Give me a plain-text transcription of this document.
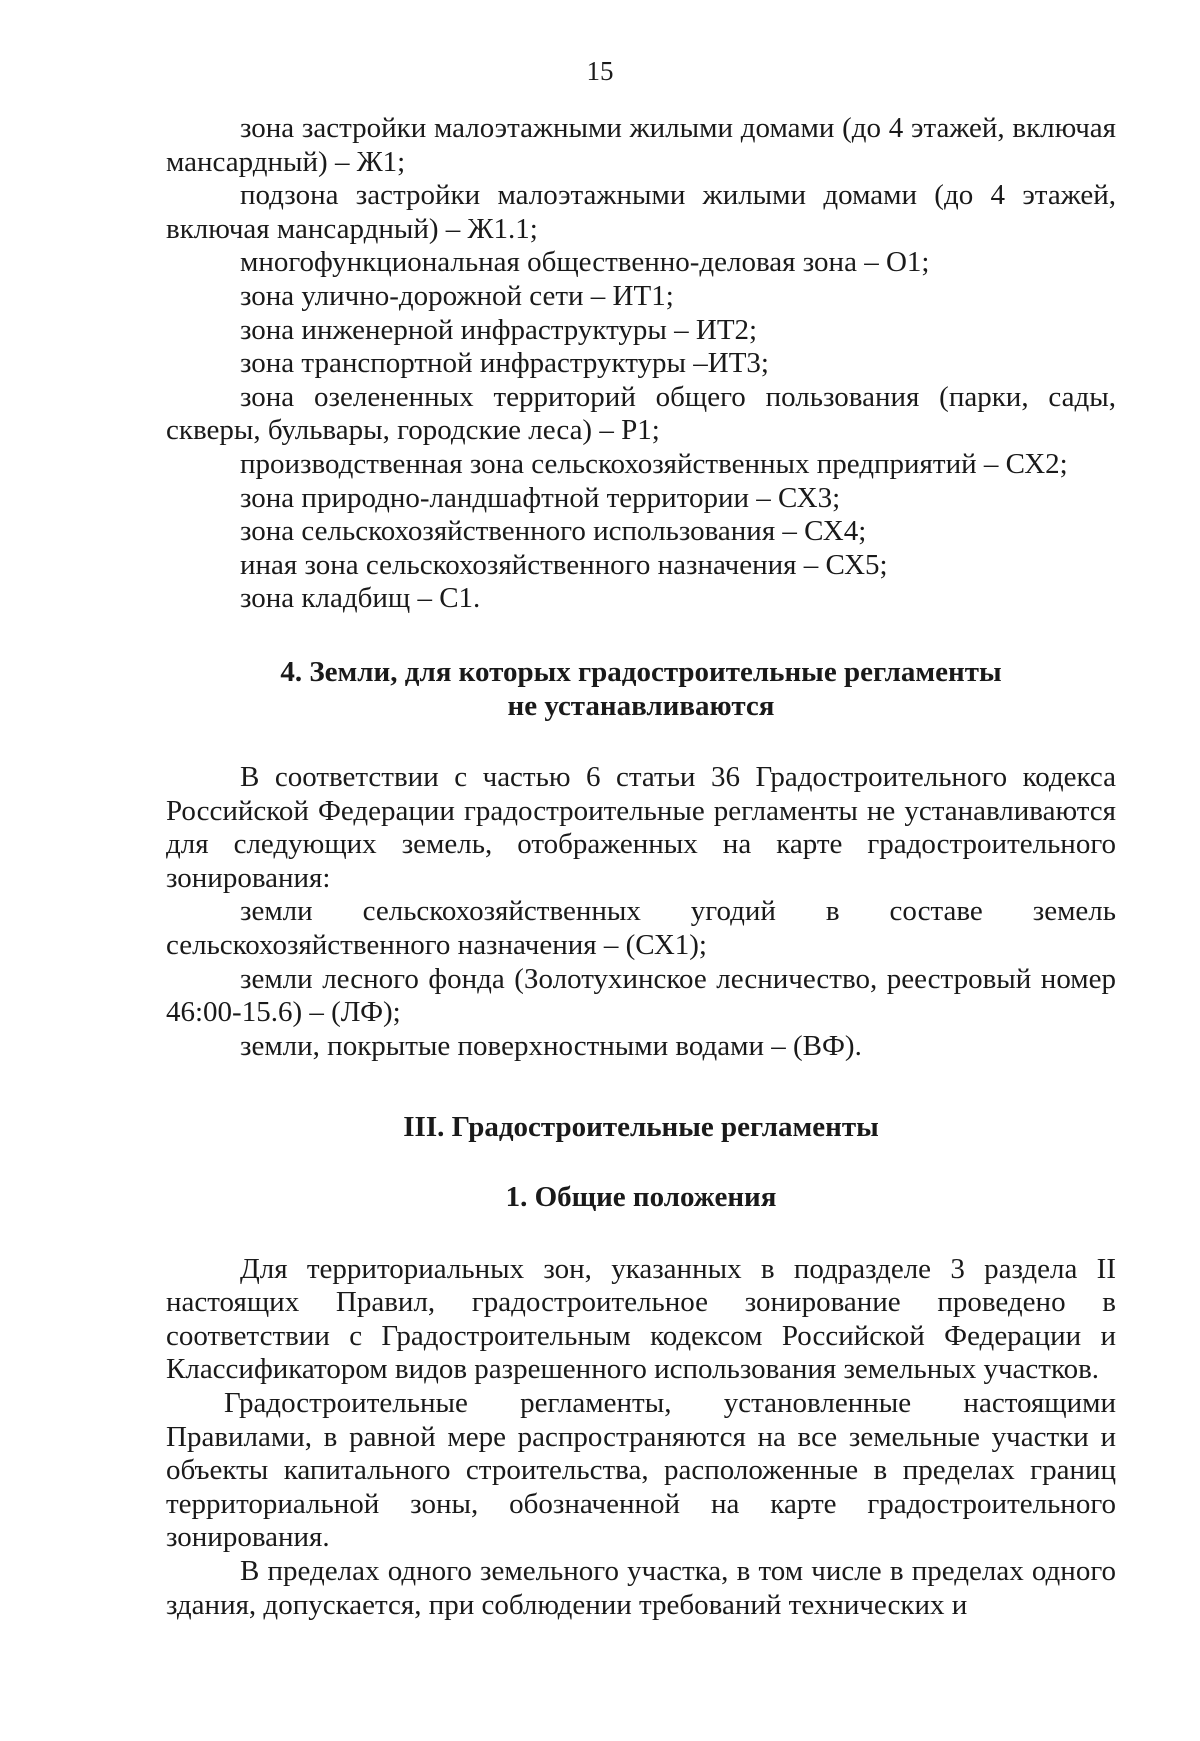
15

зона застройки малоэтажными жилыми домами (до 4 этажей, включая мансардный) – Ж1;

подзона застройки малоэтажными жилыми домами (до 4 этажей, включая мансардный) – Ж1.1;

многофункциональная общественно-деловая зона – О1;

зона улично-дорожной сети – ИТ1;

зона инженерной инфраструктуры – ИТ2;

зона транспортной инфраструктуры –ИТ3;

зона озелененных территорий общего пользования (парки, сады, скверы, бульвары, городские леса) – Р1;

производственная зона сельскохозяйственных предприятий – СХ2;

зона природно-ландшафтной территории – СХ3;

зона сельскохозяйственного использования – СХ4;

иная зона сельскохозяйственного назначения – СХ5;

зона кладбищ – С1.

4. Земли, для которых градостроительные регламенты
не устанавливаются

В соответствии с частью 6 статьи 36 Градостроительного кодекса Российской Федерации градостроительные регламенты не устанавливаются для следующих земель, отображенных на карте градостроительного зонирования:

земли сельскохозяйственных угодий в составе земель сельскохозяйственного назначения – (СХ1);

земли лесного фонда (Золотухинское лесничество, реестровый номер 46:00-15.6) – (ЛФ);

земли, покрытые поверхностными водами – (ВФ).

III. Градостроительные регламенты
1. Общие положения

Для территориальных зон, указанных в подразделе 3 раздела II настоящих Правил, градостроительное зонирование проведено в соответствии с Градостроительным кодексом Российской Федерации и Классификатором видов разрешенного использования земельных участков.

Градостроительные регламенты, установленные настоящими Правилами, в равной мере распространяются на все земельные участки и объекты капитального строительства, расположенные в пределах границ территориальной зоны, обозначенной на карте градостроительного зонирования.

В пределах одного земельного участка, в том числе в пределах одного здания, допускается, при соблюдении требований технических и
